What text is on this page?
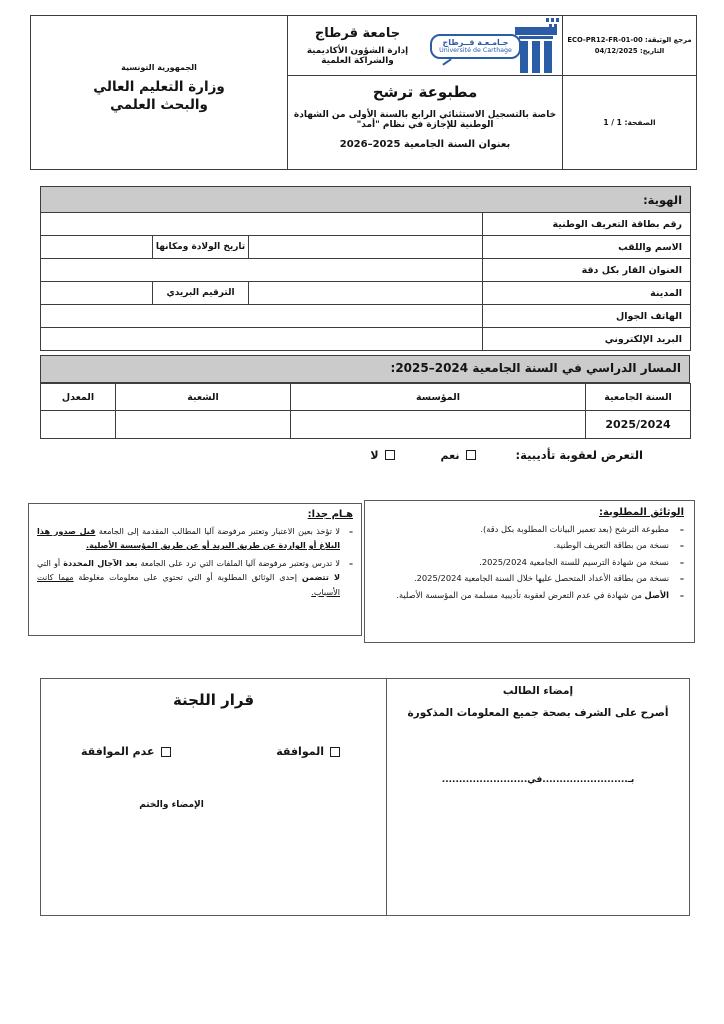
مرجع الوثيقة: ECO-PR12-FR-01-00
التاريخ: 04/12/2025
الصفحة: 1 / 1
جـامـعـة قــرطاج
Université de Carthage
جامعة قرطاج
إدارة الشؤون الأكاديمية والشراكة العلمية
مطبوعة ترشح
خاصة بالتسجيل الاستثنائي الرابع بالسنة الأولى من الشهادة الوطنية للإجازة في نظام "أمد"
بعنوان السنة الجامعية 2025–2026
الجمهورية التونسية
وزارة التعليم العالي
والبحث العلمي
الهوية:			
رقم بطاقة التعريف الوطنية			
الاسم واللقب		تاريخ الولادة ومكانها	
العنوان القار بكل دقة			
المدينة		الترقيم البريدي	
الهاتف الجوال			
البريد الإلكتروني			
المسار الدراسي في السنة الجامعية 2024–2025:
السنة الجامعية	المؤسسة	الشعبة	المعدل
2025/2024			
التعرض لعقوبة تأديبية:
نعم
لا
الوثائق المطلوبة:
–
مطبوعة الترشح (بعد تعمير البيانات المطلوبة بكل دقة).
–
نسخة من بطاقة التعريف الوطنية.
–
نسخة من شهادة الترسيم للسنة الجامعية 2025/2024.
–
نسخة من بطاقة الأعداد المتحصل عليها خلال السنة الجامعية 2025/2024.
–
الأصل من شهادة في عدم التعرض لعقوبة تأديبية مسلمة من المؤسسة الأصلية.
هـام جدا:
–
لا تؤخذ بعين الاعتبار وتعتبر مرفوضة آليا المطالب المقدمة إلى الجامعة قبل صدور هذا البلاغ أو الواردة عن طريق البريد أو عن طريق المؤسسة الأصلية.
–
لا تدرس وتعتبر مرفوضة آليا الملفات التي ترد على الجامعة بعد الآجال المحددة أو التي لا تتضمن إحدى الوثائق المطلوبة أو التي تحتوي على معلومات مغلوطة مهما كانت الأسباب.
إمضاء الطالب
أصرح على الشرف بصحة جميع المعلومات المذكورة
بـ.........................في.........................
قرار اللجنة
الموافقة
عدم الموافقة
الإمضاء والختم
